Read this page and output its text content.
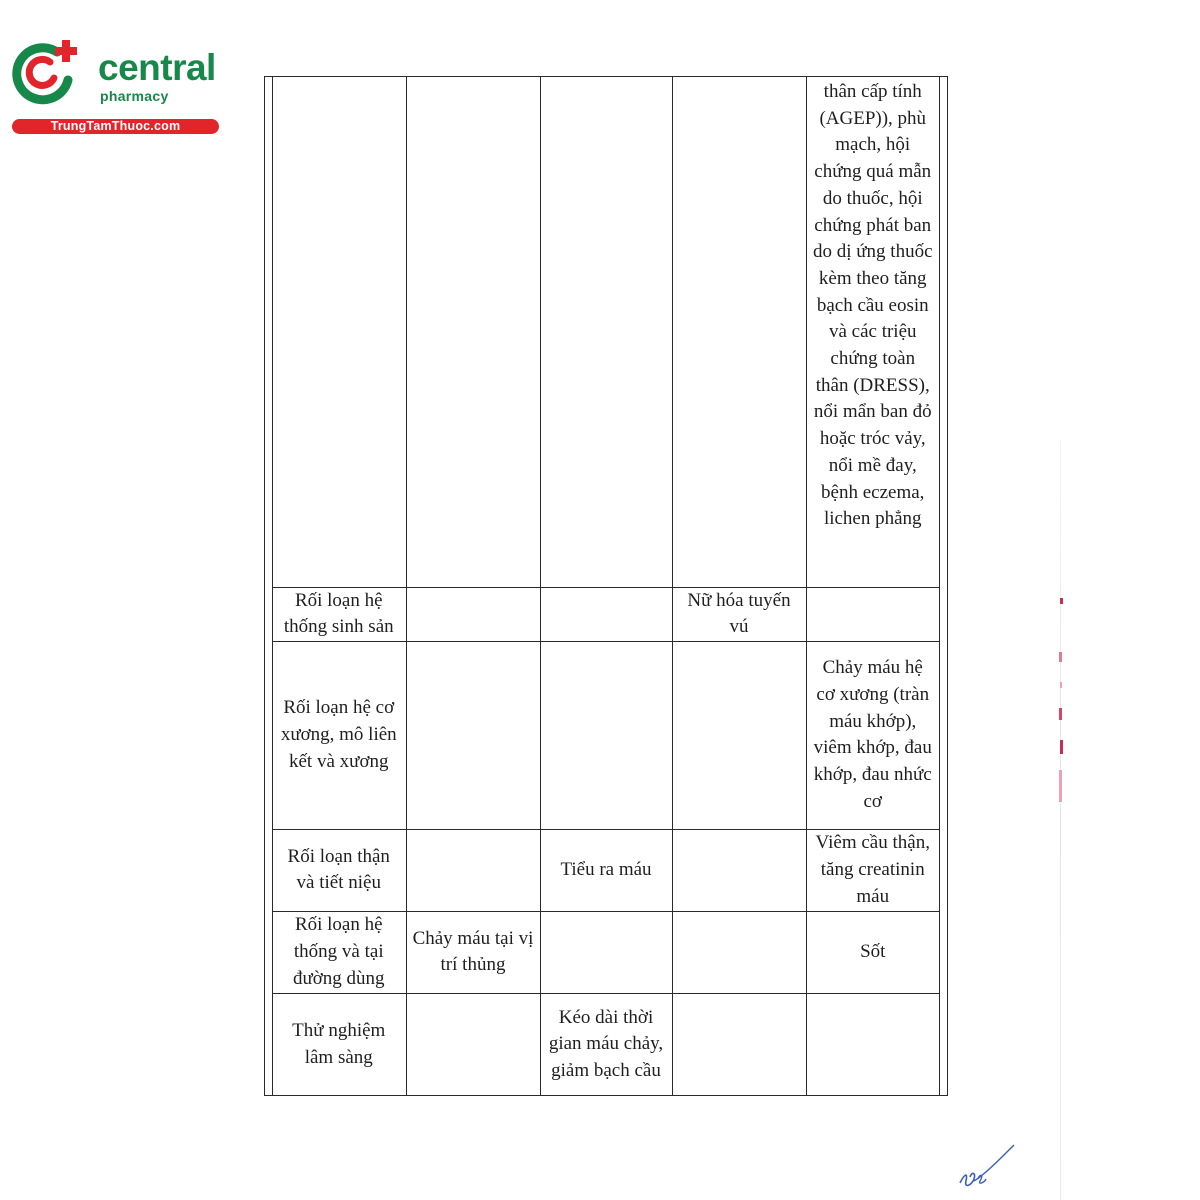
central
pharmacy
TrungTamThuoc.com
				thân cấp tính (AGEP)), phù mạch, hội chứng quá mẫn do thuốc, hội chứng phát ban do dị ứng thuốc kèm theo tăng bạch cầu eosin và các triệu chứng toàn thân (DRESS), nổi mẩn ban đỏ hoặc tróc vảy, nổi mề đay, bệnh eczema, lichen phẳng
Rối loạn hệ thống sinh sản			Nữ hóa tuyến vú	
Rối loạn hệ cơ xương, mô liên kết và xương				Chảy máu hệ cơ xương (tràn máu khớp), viêm khớp, đau khớp, đau nhức cơ
Rối loạn thận và tiết niệu		Tiểu ra máu		Viêm cầu thận, tăng creatinin máu
Rối loạn hệ thống và tại đường dùng	Chảy máu tại vị trí thủng			Sốt
Thử nghiệm lâm sàng		Kéo dài thời gian máu chảy, giảm bạch cầu		
